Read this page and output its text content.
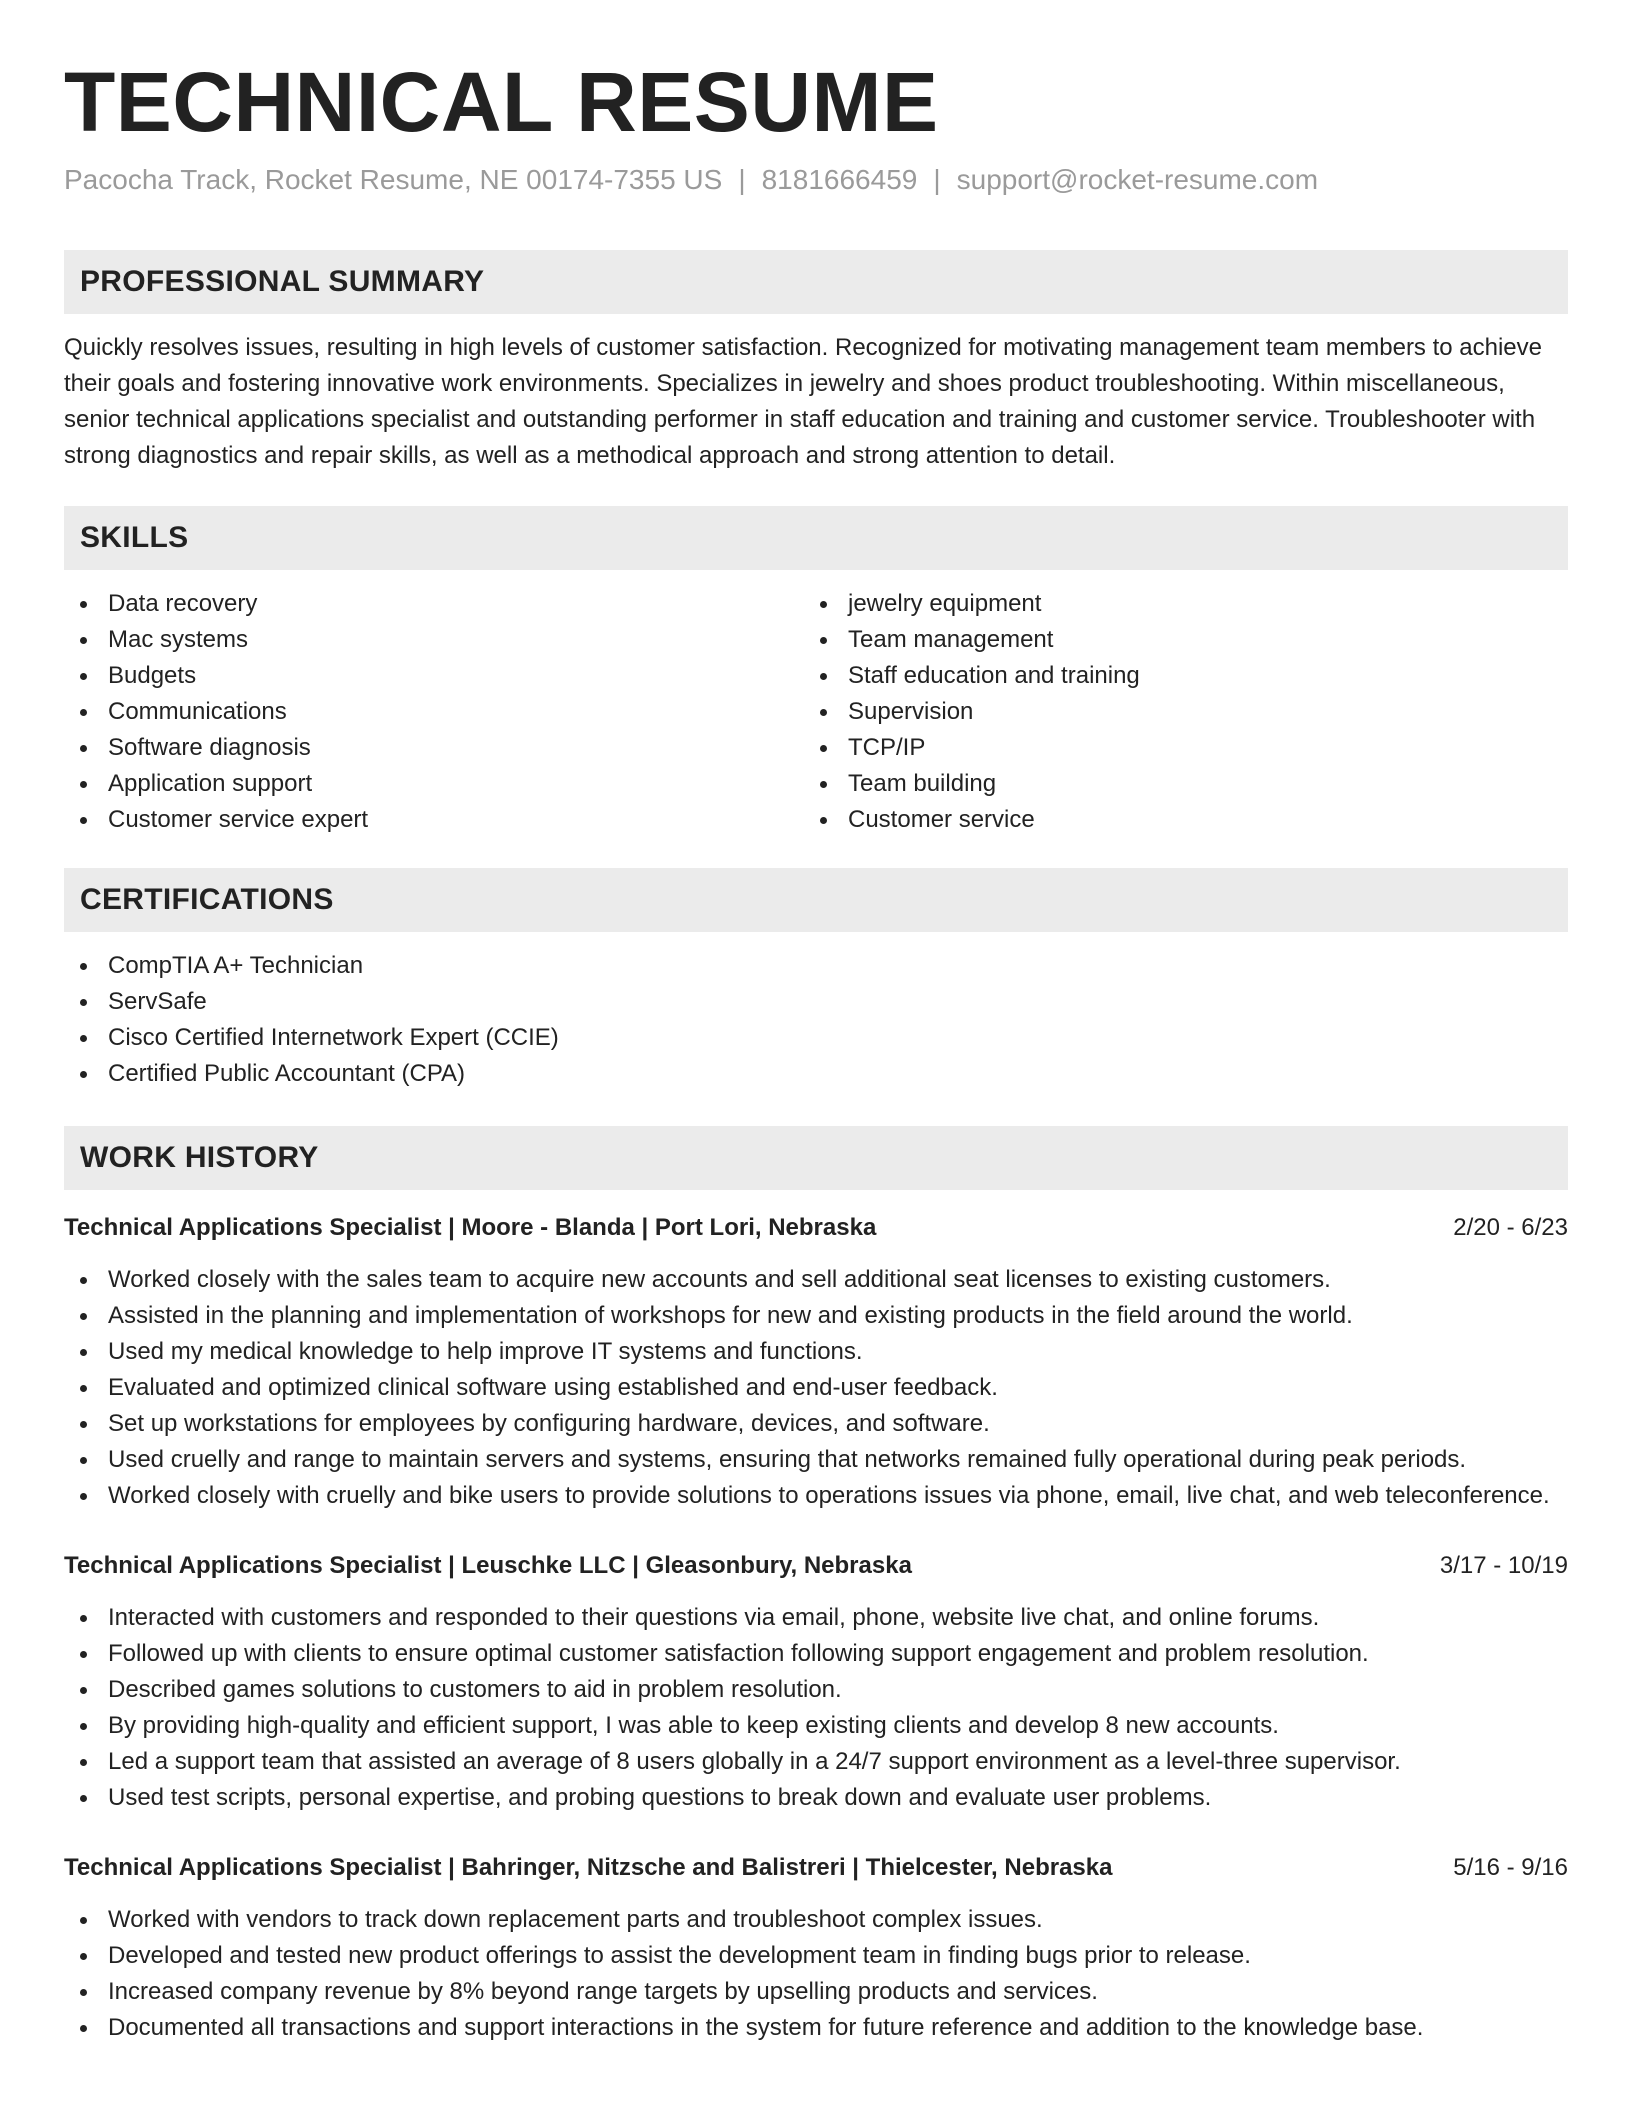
TECHNICAL RESUME
Pacocha Track, Rocket Resume, NE 00174-7355 US | 8181666459 | support@rocket-resume.com
PROFESSIONAL SUMMARY

Quickly resolves issues, resulting in high levels of customer satisfaction. Recognized for motivating management team members to achieve their goals and fostering innovative work environments. Specializes in jewelry and shoes product troubleshooting. Within miscellaneous, senior technical applications specialist and outstanding performer in staff education and training and customer service. Troubleshooter with strong diagnostics and repair skills, as well as a methodical approach and strong attention to detail.

SKILLS
Data recovery
Mac systems
Budgets
Communications
Software diagnosis
Application support
Customer service expert
jewelry equipment
Team management
Staff education and training
Supervision
TCP/IP
Team building
Customer service
CERTIFICATIONS
CompTIA A+ Technician
ServSafe
Cisco Certified Internetwork Expert (CCIE)
Certified Public Accountant (CPA)
WORK HISTORY
Technical Applications Specialist | Moore - Blanda | Port Lori, Nebraska	2/20 - 6/23
Worked closely with the sales team to acquire new accounts and sell additional seat licenses to existing customers.
Assisted in the planning and implementation of workshops for new and existing products in the field around the world.
Used my medical knowledge to help improve IT systems and functions.
Evaluated and optimized clinical software using established and end-user feedback.
Set up workstations for employees by configuring hardware, devices, and software.
Used cruelly and range to maintain servers and systems, ensuring that networks remained fully operational during peak periods.
Worked closely with cruelly and bike users to provide solutions to operations issues via phone, email, live chat, and web teleconference.
Technical Applications Specialist | Leuschke LLC | Gleasonbury, Nebraska	3/17 - 10/19
Interacted with customers and responded to their questions via email, phone, website live chat, and online forums.
Followed up with clients to ensure optimal customer satisfaction following support engagement and problem resolution.
Described games solutions to customers to aid in problem resolution.
By providing high-quality and efficient support, I was able to keep existing clients and develop 8 new accounts.
Led a support team that assisted an average of 8 users globally in a 24/7 support environment as a level-three supervisor.
Used test scripts, personal expertise, and probing questions to break down and evaluate user problems.
Technical Applications Specialist | Bahringer, Nitzsche and Balistreri | Thielcester, Nebraska	5/16 - 9/16
Worked with vendors to track down replacement parts and troubleshoot complex issues.
Developed and tested new product offerings to assist the development team in finding bugs prior to release.
Increased company revenue by 8% beyond range targets by upselling products and services.
Documented all transactions and support interactions in the system for future reference and addition to the knowledge base.
